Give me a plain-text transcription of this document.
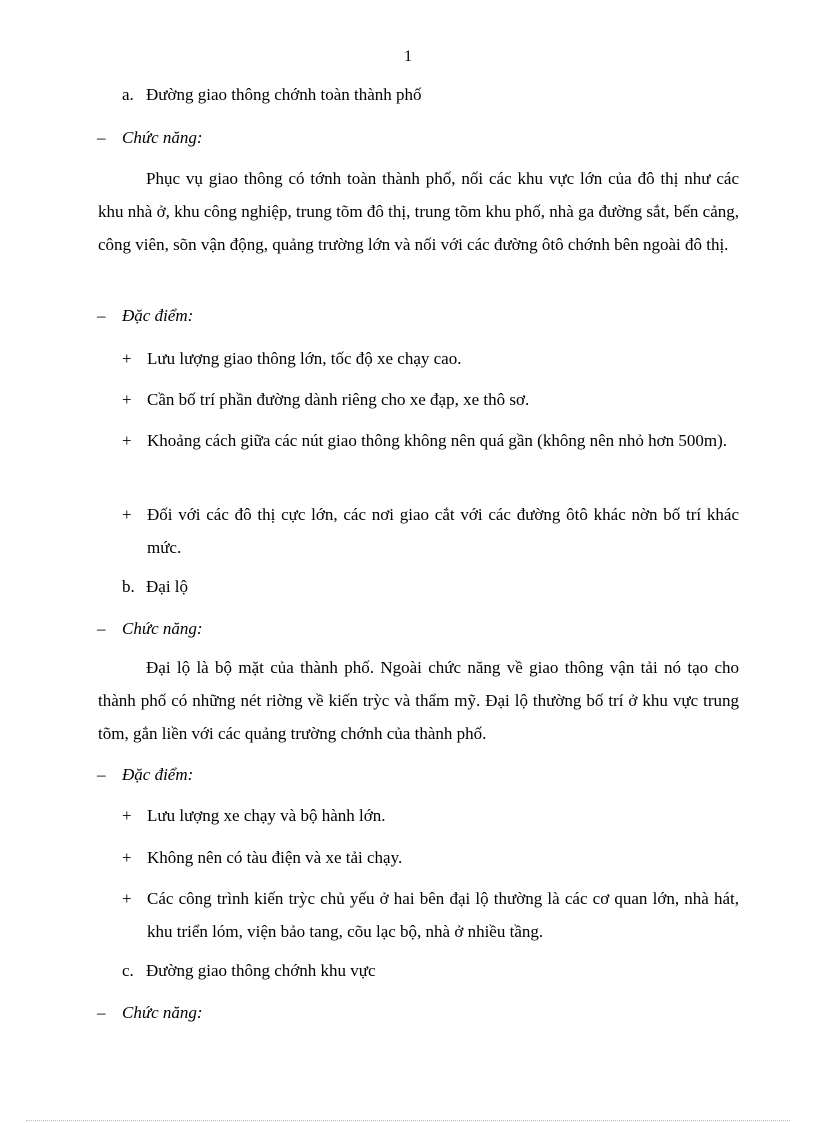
1
a. Đường giao thông chớnh toàn thành phố
– Chức năng:
Phục vụ giao thông có tớnh toàn thành phố, nối các khu vực lớn của đô thị như các khu nhà ở, khu công nghiệp, trung tõm đô thị, trung tõm khu phố, nhà ga đường sắt, bến cảng, công viên, sõn vận động, quảng trường lớn và nối với các đường ôtô chớnh bên ngoài đô thị.
– Đặc điểm:
+ Lưu lượng giao thông lớn, tốc độ xe chạy cao.
+ Cần bố trí phần đường dành riêng cho xe đạp, xe thô sơ.
+ Khoảng cách giữa các nút giao thông không nên quá gần (không nên nhỏ hơn 500m).
+ Đối với các đô thị cực lớn, các nơi giao cắt với các đường ôtô khác nờn bố trí khác mức.
b. Đại lộ
– Chức năng:
Đại lộ là bộ mặt của thành phố. Ngoài chức năng về giao thông vận tải nó tạo cho thành phố có những nét riờng về kiến trỳc và thẩm mỹ. Đại lộ thường bố trí ở khu vực trung tõm, gắn liền với các quảng trường chớnh của thành phố.
– Đặc điểm:
+ Lưu lượng xe chạy và bộ hành lớn.
+ Không nên có tàu điện và xe tải chạy.
+ Các công trình kiến trỳc chủ yếu ở hai bên đại lộ thường là các cơ quan lớn, nhà hát, khu triển lóm, viện bảo tang, cõu lạc bộ, nhà ở nhiều tầng.
c. Đường giao thông chớnh khu vực
– Chức năng:
